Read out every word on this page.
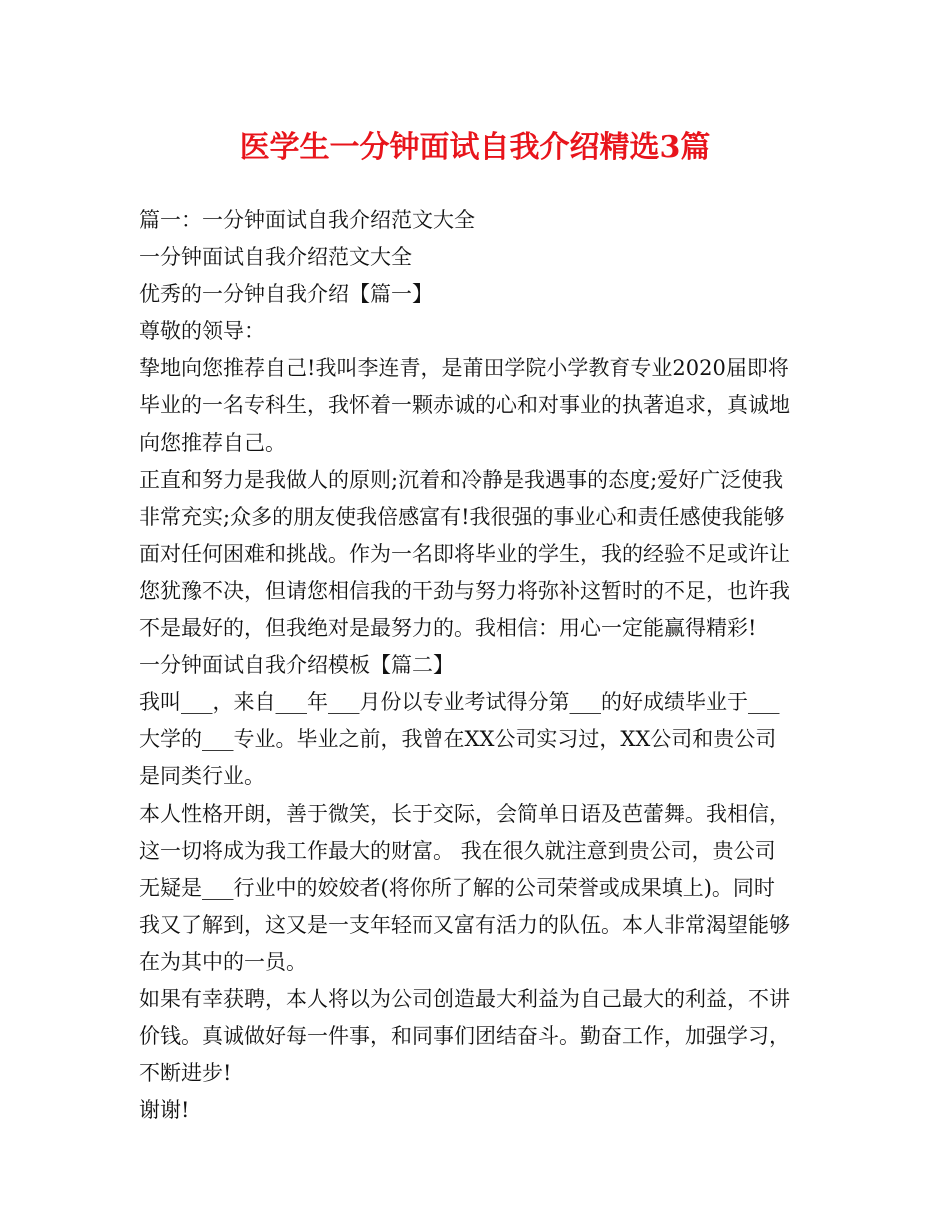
医学生一分钟面试自我介绍精选3篇
篇一：一分钟面试自我介绍范文大全
一分钟面试自我介绍范文大全
优秀的一分钟自我介绍【篇一】
尊敬的领导：
挚地向您推荐自己!我叫李连青，是莆田学院小学教育专业2020届即将
毕业的一名专科生，我怀着一颗赤诚的心和对事业的执著追求，真诚地
向您推荐自己。
正直和努力是我做人的原则;沉着和冷静是我遇事的态度;爱好广泛使我
非常充实;众多的朋友使我倍感富有!我很强的事业心和责任感使我能够
面对任何困难和挑战。作为一名即将毕业的学生，我的经验不足或许让
您犹豫不决，但请您相信我的干劲与努力将弥补这暂时的不足，也许我
不是最好的，但我绝对是最努力的。我相信：用心一定能赢得精彩!
一分钟面试自我介绍模板【篇二】
我叫___，来自___年___月份以专业考试得分第___的好成绩毕业于___
大学的___专业。毕业之前，我曾在XX公司实习过，XX公司和贵公司
是同类行业。
本人性格开朗，善于微笑，长于交际，会简单日语及芭蕾舞。我相信，
这一切将成为我工作最大的财富。 我在很久就注意到贵公司，贵公司
无疑是___行业中的姣姣者(将你所了解的公司荣誉或成果填上)。同时
我又了解到，这又是一支年轻而又富有活力的队伍。本人非常渴望能够
在为其中的一员。
如果有幸获聘，本人将以为公司创造最大利益为自己最大的利益，不讲
价钱。真诚做好每一件事，和同事们团结奋斗。勤奋工作，加强学习，
不断进步!
谢谢!
